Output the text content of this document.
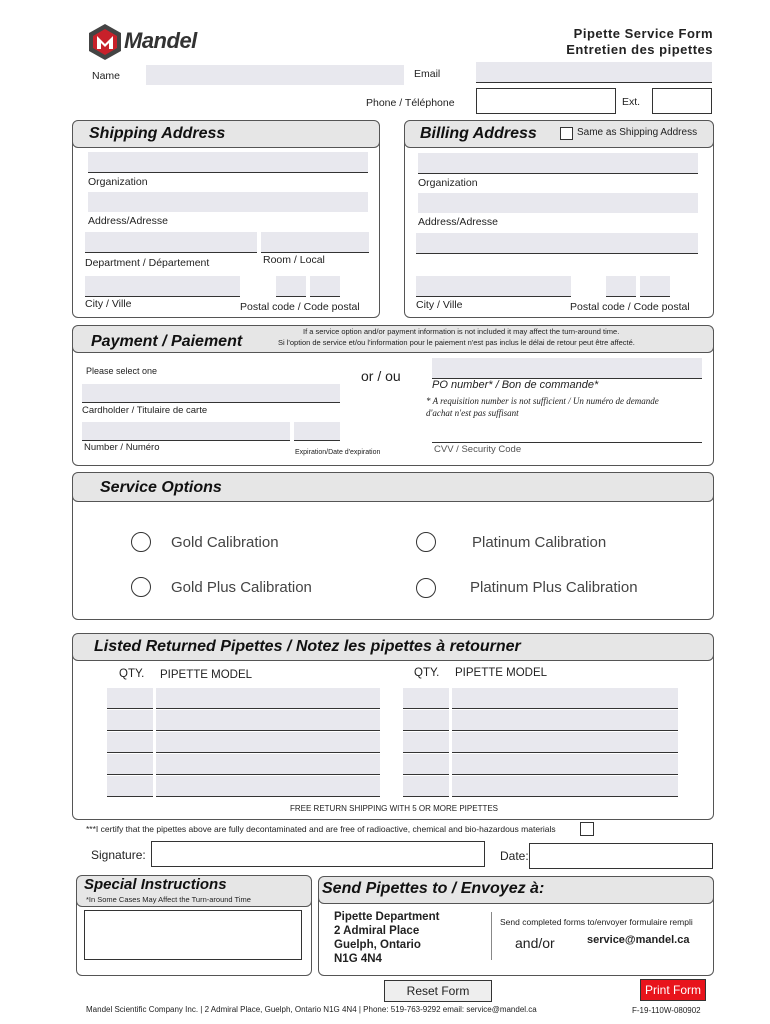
Mandel	Pipette Service Form
Entretien des pipettes
Name	Email
Phone / Téléphone	Ext.
Shipping Address
Organization
Address/Adresse
Department / Département	Room / Local
City / Ville	Postal code / Code postal
Billing Address	Same as Shipping Address
Organization
Address/Adresse
City / Ville	Postal code / Code postal
Payment / Paiement
If a service option and/or payment information is not included it may affect the turn-around time.
Si l'option de service et/ou l'information pour le paiement n'est pas inclus le délai de retour peut être affecté.
Please select one	or / ou
Cardholder / Titulaire de carte
Number / Numéro	Expiration/Date d'expiration
PO number* / Bon de commande*
* A requisition number is not sufficient / Un numéro de demande
d'achat n'est pas suffisant
CVV / Security Code
Service Options
Gold Calibration	Platinum Calibration
Gold Plus Calibration	Platinum Plus Calibration
Listed Returned Pipettes / Notez les pipettes à retourner
QTY. PIPETTE MODEL	QTY. PIPETTE MODEL
FREE RETURN SHIPPING WITH 5 OR MORE PIPETTES
***I certify that the pipettes above are fully decontaminated and are free of radioactive, chemical and bio-hazardous materials
Signature:	Date:
Special Instructions
*In Some Cases May Affect the Turn-around Time
Send Pipettes to / Envoyez à:
Pipette Department
2 Admiral Place
Guelph, Ontario
N1G 4N4
Send completed forms to/envoyer formulaire rempli
and/or	service@mandel.ca
Reset Form	Print Form
Mandel Scientific Company Inc. | 2 Admiral Place, Guelph, Ontario N1G 4N4 | Phone: 519-763-9292 email: service@mandel.ca	F-19-110W-080902
